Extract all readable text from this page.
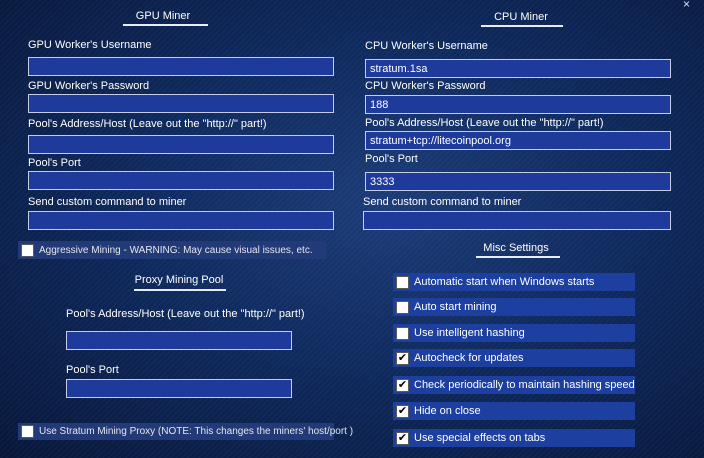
×
GPU Miner
GPU Worker's Username
GPU Worker's Password
Pool's Address/Host (Leave out the "http://" part!)
Pool's Port
Send custom command to miner
Aggressive Mining - WARNING: May cause visual issues, etc.
Proxy Mining Pool
Pool's Address/Host (Leave out the "http://" part!)
Pool's Port
Use Stratum Mining Proxy (NOTE: This changes the miners' host/port )
CPU Miner
CPU Worker's Username
stratum.1sa
CPU Worker's Password
188
Pool's Address/Host (Leave out the "http://" part!)
stratum+tcp://litecoinpool.org
Pool's Port
3333
Send custom command to miner
Misc Settings
Automatic start when Windows starts
Auto start mining
Use intelligent hashing
✔ Autocheck for updates
✔ Check periodically to maintain hashing speed
✔ Hide on close
✔ Use special effects on tabs
